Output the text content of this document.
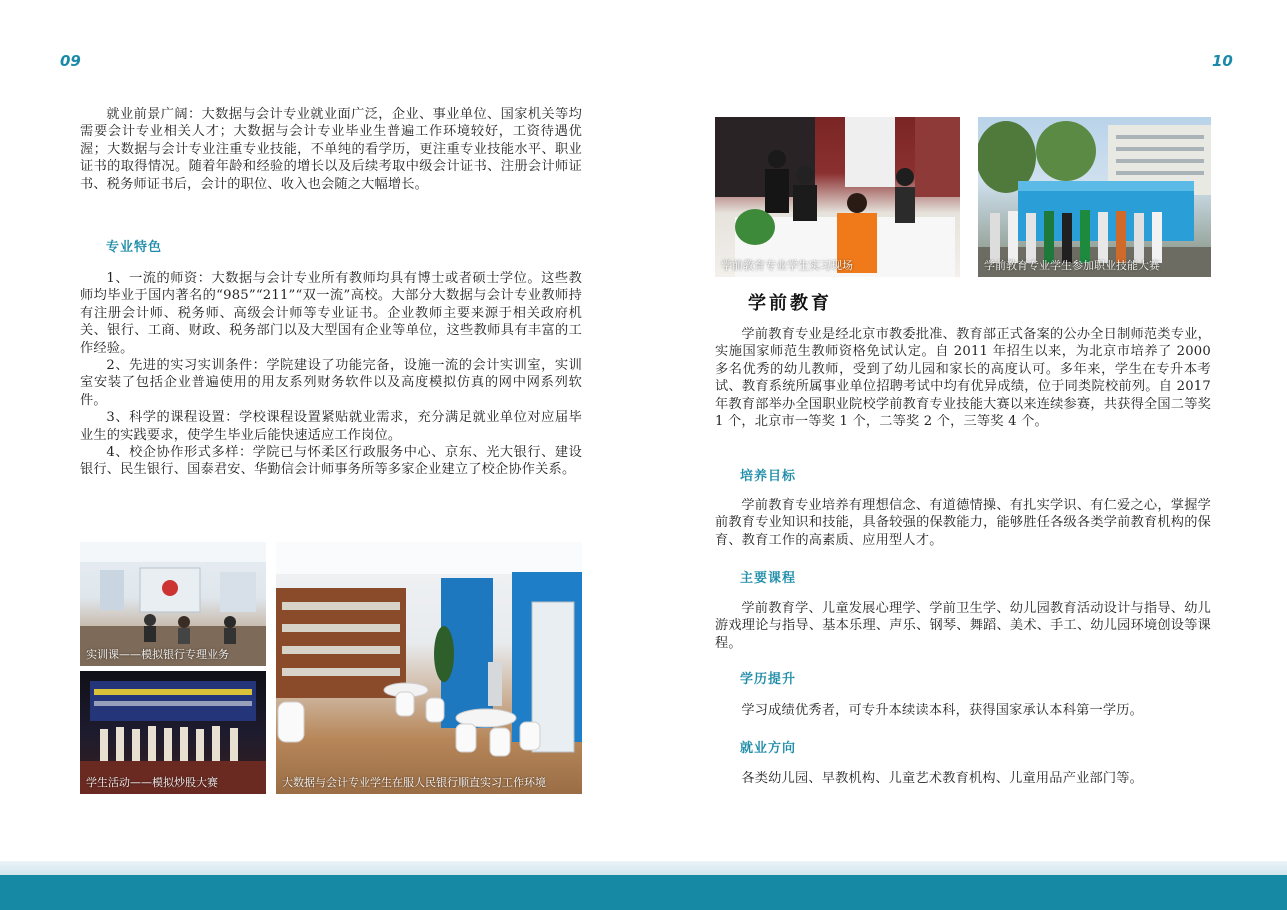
09	10

就业前景广阔：大数据与会计专业就业面广泛，企业、事业单位、国家机关等均需要会计专业相关人才；大数据与会计专业毕业生普遍工作环境较好，工资待遇优渥；大数据与会计专业注重专业技能，不单纯的看学历，更注重专业技能水平、职业证书的取得情况。随着年龄和经验的增长以及后续考取中级会计证书、注册会计师证书、税务师证书后，会计的职位、收入也会随之大幅增长。

专业特色

1、一流的师资：大数据与会计专业所有教师均具有博士或者硕士学位。这些教师均毕业于国内著名的“985”“211”“双一流”高校。大部分大数据与会计专业教师持有注册会计师、税务师、高级会计师等专业证书。企业教师主要来源于相关政府机关、银行、工商、财政、税务部门以及大型国有企业等单位，这些教师具有丰富的工作经验。

2、先进的实习实训条件：学院建设了功能完备，设施一流的会计实训室，实训室安装了包括企业普遍使用的用友系列财务软件以及高度模拟仿真的网中网系列软件。

3、科学的课程设置：学校课程设置紧贴就业需求，充分满足就业单位对应届毕业生的实践要求，使学生毕业后能快速适应工作岗位。

4、校企协作形式多样：学院已与怀柔区行政服务中心、京东、光大银行、建设银行、民生银行、国泰君安、华勤信会计师事务所等多家企业建立了校企协作关系。

实训课——模拟银行专理业务
学生活动——模拟炒股大赛	大数据与会计专业学生在服人民银行顺直实习工作环境
学前教育专业学生实习现场	学前教育专业学生参加职业技能大赛
学前教育

学前教育专业是经北京市教委批准、教育部正式备案的公办全日制师范类专业，实施国家师范生教师资格免试认定。自 2011 年招生以来，为北京市培养了 2000 多名优秀的幼儿教师，受到了幼儿园和家长的高度认可。多年来，学生在专升本考试、教育系统所属事业单位招聘考试中均有优异成绩，位于同类院校前列。自 2017 年教育部举办全国职业院校学前教育专业技能大赛以来连续参赛，共获得全国二等奖 1 个，北京市一等奖 1 个，二等奖 2 个，三等奖 4 个。

培养目标

学前教育专业培养有理想信念、有道德情操、有扎实学识、有仁爱之心，掌握学前教育专业知识和技能，具备较强的保教能力，能够胜任各级各类学前教育机构的保育、教育工作的高素质、应用型人才。

主要课程

学前教育学、儿童发展心理学、学前卫生学、幼儿园教育活动设计与指导、幼儿游戏理论与指导、基本乐理、声乐、钢琴、舞蹈、美术、手工、幼儿园环境创设等课程。

学历提升

学习成绩优秀者，可专升本续读本科，获得国家承认本科第一学历。

就业方向

各类幼儿园、早教机构、儿童艺术教育机构、儿童用品产业部门等。
